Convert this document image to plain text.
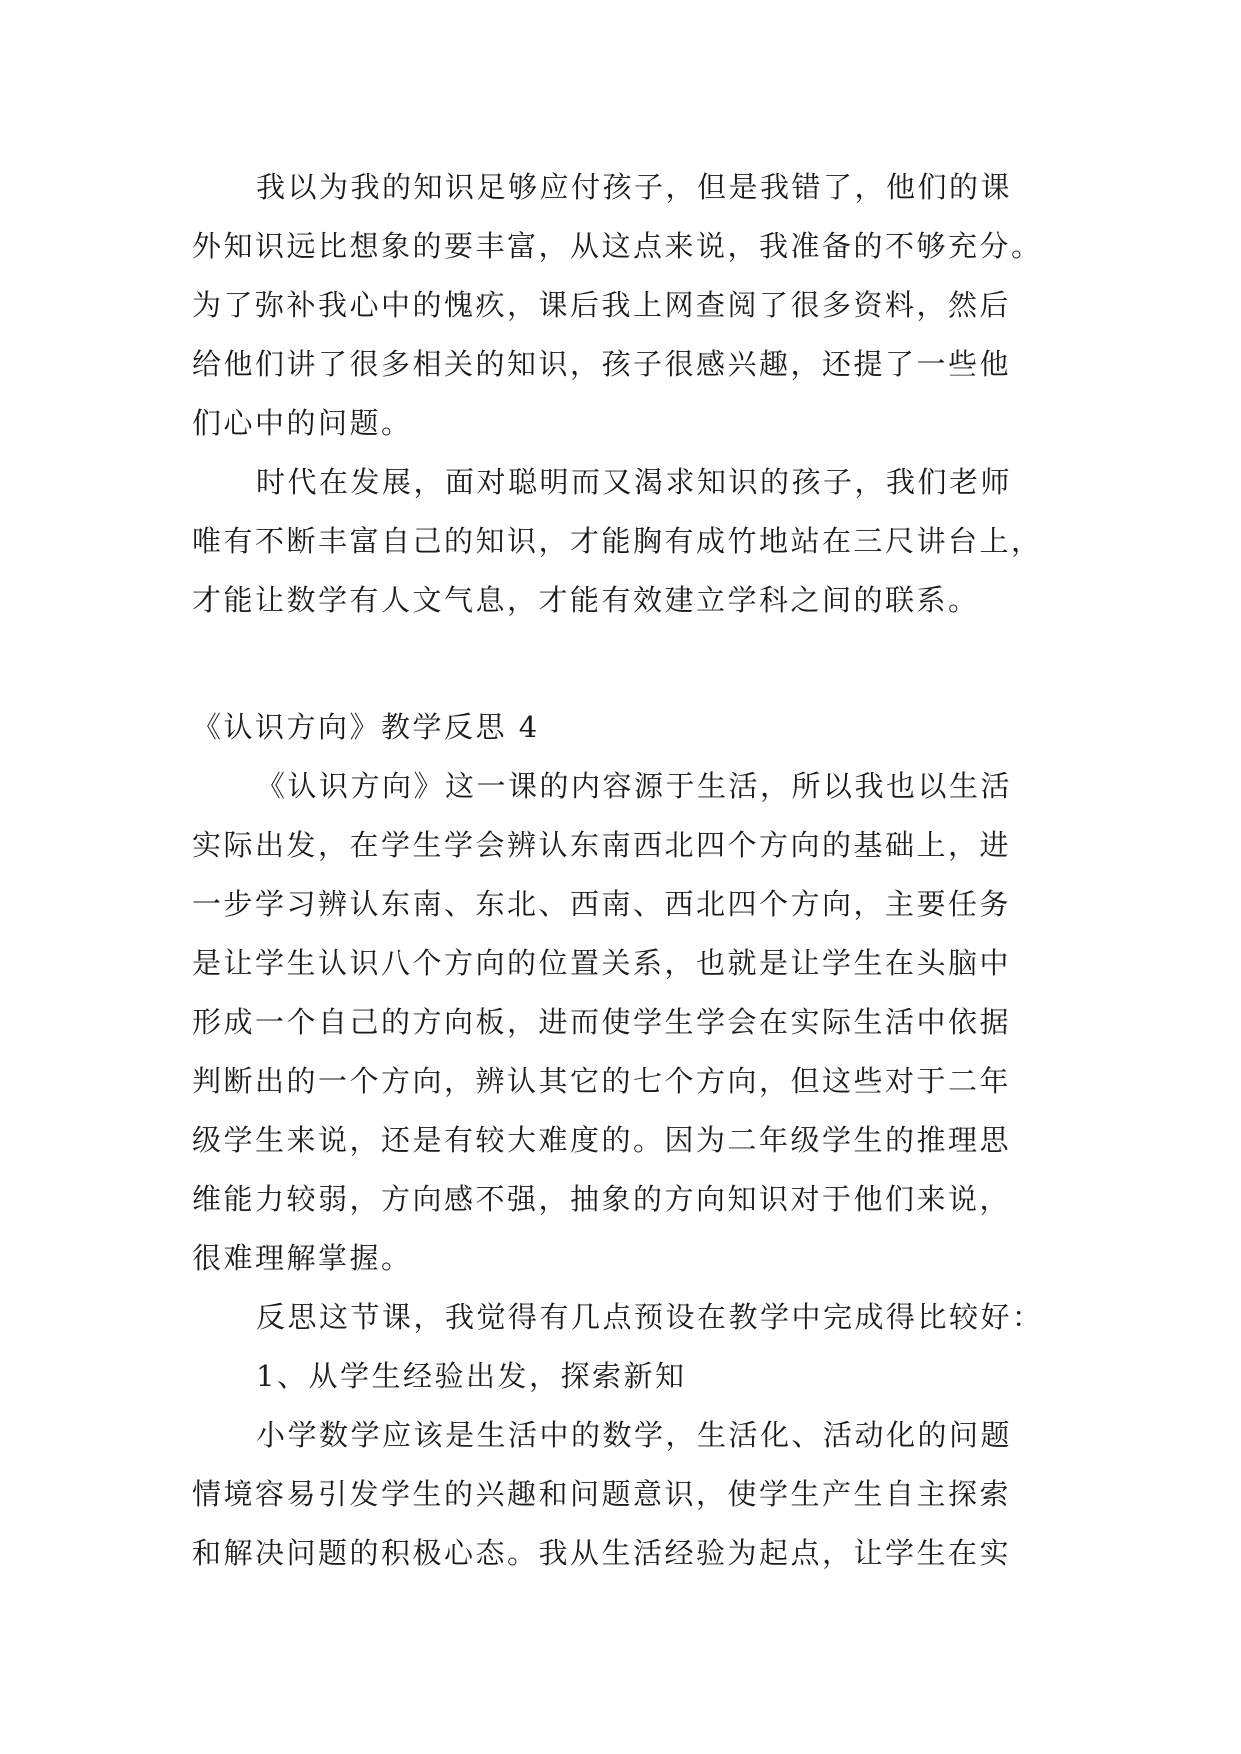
我以为我的知识足够应付孩子，但是我错了，他们的课
外知识远比想象的要丰富，从这点来说，我准备的不够充分。
为了弥补我心中的愧疚，课后我上网查阅了很多资料，然后
给他们讲了很多相关的知识，孩子很感兴趣，还提了一些他
们心中的问题。
时代在发展，面对聪明而又渴求知识的孩子，我们老师
唯有不断丰富自己的知识，才能胸有成竹地站在三尺讲台上，
才能让数学有人文气息，才能有效建立学科之间的联系。
《认识方向》教学反思 4
《认识方向》这一课的内容源于生活，所以我也以生活
实际出发，在学生学会辨认东南西北四个方向的基础上，进
一步学习辨认东南、东北、西南、西北四个方向，主要任务
是让学生认识八个方向的位置关系，也就是让学生在头脑中
形成一个自己的方向板，进而使学生学会在实际生活中依据
判断出的一个方向，辨认其它的七个方向，但这些对于二年
级学生来说，还是有较大难度的。因为二年级学生的推理思
维能力较弱，方向感不强，抽象的方向知识对于他们来说，
很难理解掌握。
反思这节课，我觉得有几点预设在教学中完成得比较好：
1、从学生经验出发，探索新知
小学数学应该是生活中的数学，生活化、活动化的问题
情境容易引发学生的兴趣和问题意识，使学生产生自主探索
和解决问题的积极心态。我从生活经验为起点，让学生在实
